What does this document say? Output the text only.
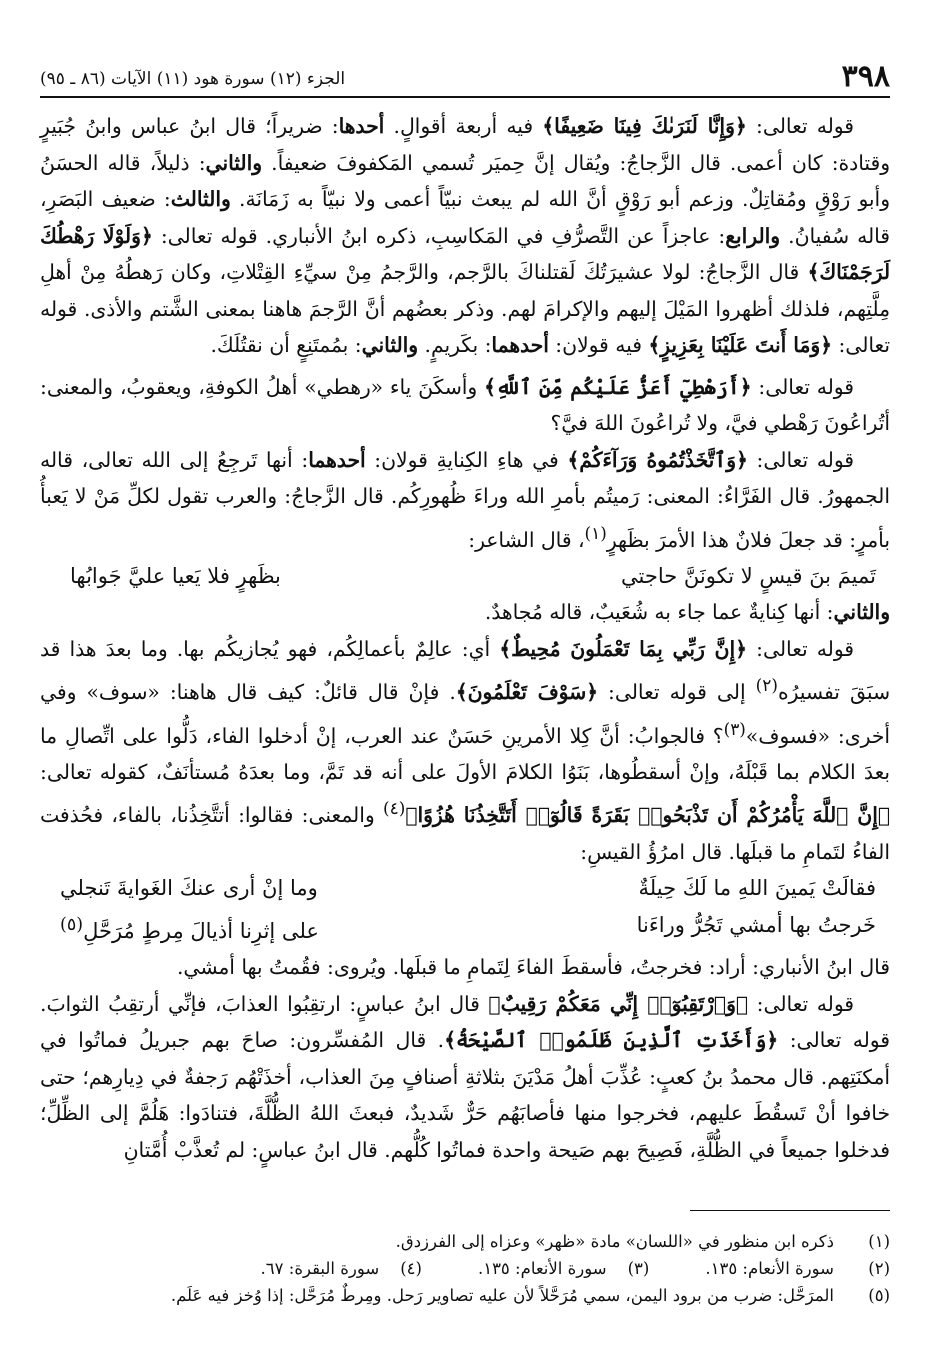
٣٩٨
الجزء (١٢) سورة هود (١١) الآيات (٨٦ ـ ٩٥)

قوله تعالى: ﴿وَإِنَّا لَنَرَىٰكَ فِينَا ضَعِيفًا﴾ فيه أربعة أقوالٍ. أحدها: ضريراً؛ قال ابنُ عباس وابنُ جُبَيرٍ وقتادة: كان أعمى. قال الزَّجاجُ: ويُقال إنَّ حِميَر تُسمي المَكفوفَ ضعيفاً. والثاني: ذليلاً، قاله الحسَنُ وأبو رَوْقٍ ومُقاتِلٌ. وزعم أبو رَوْقٍ أنَّ الله لم يبعث نبيّاً أعمى ولا نبيّاً به زَمَانَة. والثالث: ضعيف البَصَرِ، قاله سُفيانُ. والرابع: عاجزاً عن التَّصرُّفِ في المَكاسِبِ، ذكره ابنُ الأنباري. قوله تعالى: ﴿وَلَوْلَا رَهْطُكَ لَرَجَمْنَاكَ﴾ قال الزَّجاجُ: لولا عشيرَتُكَ لَقتلناكَ بالرَّجم، والرَّجمُ مِنْ سيِّءِ القِتْلاتِ، وكان رَهطُهُ مِنْ أهلِ مِلَّتِهم، فلذلك أظهروا المَيْلَ إليهم والإكرامَ لهم. وذكر بعضُهم أنَّ الرَّجمَ هاهنا بمعنى الشَّتم والأذى. قوله تعالى: ﴿وَمَا أَنتَ عَلَيْنَا بِعَزِيزٍ﴾ فيه قولان: أحدهما: بكَريمٍ. والثاني: بمُمتَنِعٍ أن نقتُلَكَ.

قوله تعالى: ﴿أَرَهْطِيٓ أَعَزُّ عَلَيْكُم مِّنَ ٱللَّهِ﴾ وأسكَنَ ياء «رهطي» أهلُ الكوفةِ، ويعقوبُ، والمعنى: أتُراعُونَ رَهْطي فيَّ، ولا تُراعُونَ اللهَ فيَّ؟

قوله تعالى: ﴿وَٱتَّخَذْتُمُوهُ وَرَآءَكُمْ﴾ في هاءِ الكِنايةِ قولان: أحدهما: أنها تَرجِعُ إلى الله تعالى، قاله الجمهورُ. قال الفَرَّاءُ: المعنى: رَميتُم بأمرِ الله وراءَ ظُهورِكُم. قال الزَّجاجُ: والعرب تقول لكلِّ مَنْ لا يَعبأُ بأمرٍ: قد جعلَ فلانٌ هذا الأمرَ بظَهرٍ$^{(١)}$، قال الشاعر:

تَميمَ بنَ قيسٍ لا تكونَنَّ حاجتي
بظَهرٍ فلا يَعيا عليَّ جَوابُها

والثاني: أنها كِنايةٌ عما جاء به شُعَيبٌ، قاله مُجاهدٌ.

قوله تعالى: ﴿إِنَّ رَبِّي بِمَا تَعْمَلُونَ مُحِيطٌ﴾ أي: عالِمٌ بأعمالِكُم، فهو يُجازيكُم بها. وما بعدَ هذا قد سبَقَ تفسيرُه$^{(٢)}$ إلى قوله تعالى: ﴿سَوْفَ تَعْلَمُونَ﴾. فإنْ قال قائلٌ: كيف قال هاهنا: «سوف» وفي أخرى: «فسوف»$^{(٣)}$؟ فالجوابُ: أنَّ كِلا الأمرينِ حَسَنٌ عند العرب، إنْ أدخلوا الفاء، دَلُّوا على اتِّصالِ ما بعدَ الكلام بما قَبْلَهُ، وإنْ أسقطُوها، بَنَوُا الكلامَ الأولَ على أنه قد تَمَّ، وما بعدَهُ مُستأنَفٌ، كقوله تعالى: ﴿إِنَّ ٱللَّهَ يَأْمُرُكُمْ أَن تَذْبَحُوا۟ بَقَرَةً قَالُوٓا۟ أَتَتَّخِذُنَا هُزُوًا﴾$^{(٤)}$ والمعنى: فقالوا: أتتَّخِذُنا، بالفاء، فحُذفت الفاءُ لتَمامِ ما قبلَها. قال امرُؤُ القيسِ:

فقالَتْ يَمينَ اللهِ ما لَكَ حِيلَةٌ
وما إنْ أرى عنكَ الغَوايةَ تَنجلي
خَرجتُ بها أمشي تَجُرُّ وراءَنا
على إثرِنا أذيالَ مِرطٍ مُرَحَّلِ$^{(٥)}$

قال ابنُ الأنباري: أراد: فخرجتُ، فأسقطَ الفاءَ لِتَمامِ ما قبلَها. ويُروى: فقُمتُ بها أمشي.

قوله تعالى: ﴿وَٱرْتَقِبُوٓا۟ إِنِّي مَعَكُمْ رَقِيبٌ﴾ قال ابنُ عباسٍ: ارتقِبُوا العذابَ، فإنِّي أرتقِبُ الثوابَ. قوله تعالى: ﴿وَأَخَذَتِ ٱلَّذِينَ ظَلَمُوا۟ ٱلصَّيْحَةُ﴾. قال المُفسِّرون: صاحَ بهم جبريلُ فماتُوا في أمكنَتِهم. قال محمدُ بنُ كعبٍ: عُذِّبَ أهلُ مَدْيَنَ بثلاثةِ أصنافٍ مِنَ العذاب، أخذَتْهُم رَجفةٌ في دِيارِهم؛ حتى خافوا أنْ تَسقُطَ عليهم، فخرجوا منها فأصابَهُم حَرٌّ شَديدٌ، فبعثَ اللهُ الظُّلَّةَ، فتنادَوا: هَلُمَّ إلى الظِّلِّ؛ فدخلوا جميعاً في الظُّلَّةِ، فَصِيحَ بهم صَيحة واحدة فماتُوا كُلُّهم. قال ابنُ عباسٍ: لم تُعذَّبْ أُمَّتانِ

(١)
ذكره ابن منظور في «اللسان» مادة «ظهر» وعزاه إلى الفرزدق.
(٢)
سورة الأنعام: ١٣٥.
(٣)    سورة الأنعام: ١٣٥.
(٤)    سورة البقرة: ٦٧.
(٥)
المرَحَّل: ضرب من برود اليمن، سمي مُرَحَّلاً لأن عليه تصاوير رَحل. ومِرطٌ مُرَحَّل: إذا وُخز فيه عَلَم.
